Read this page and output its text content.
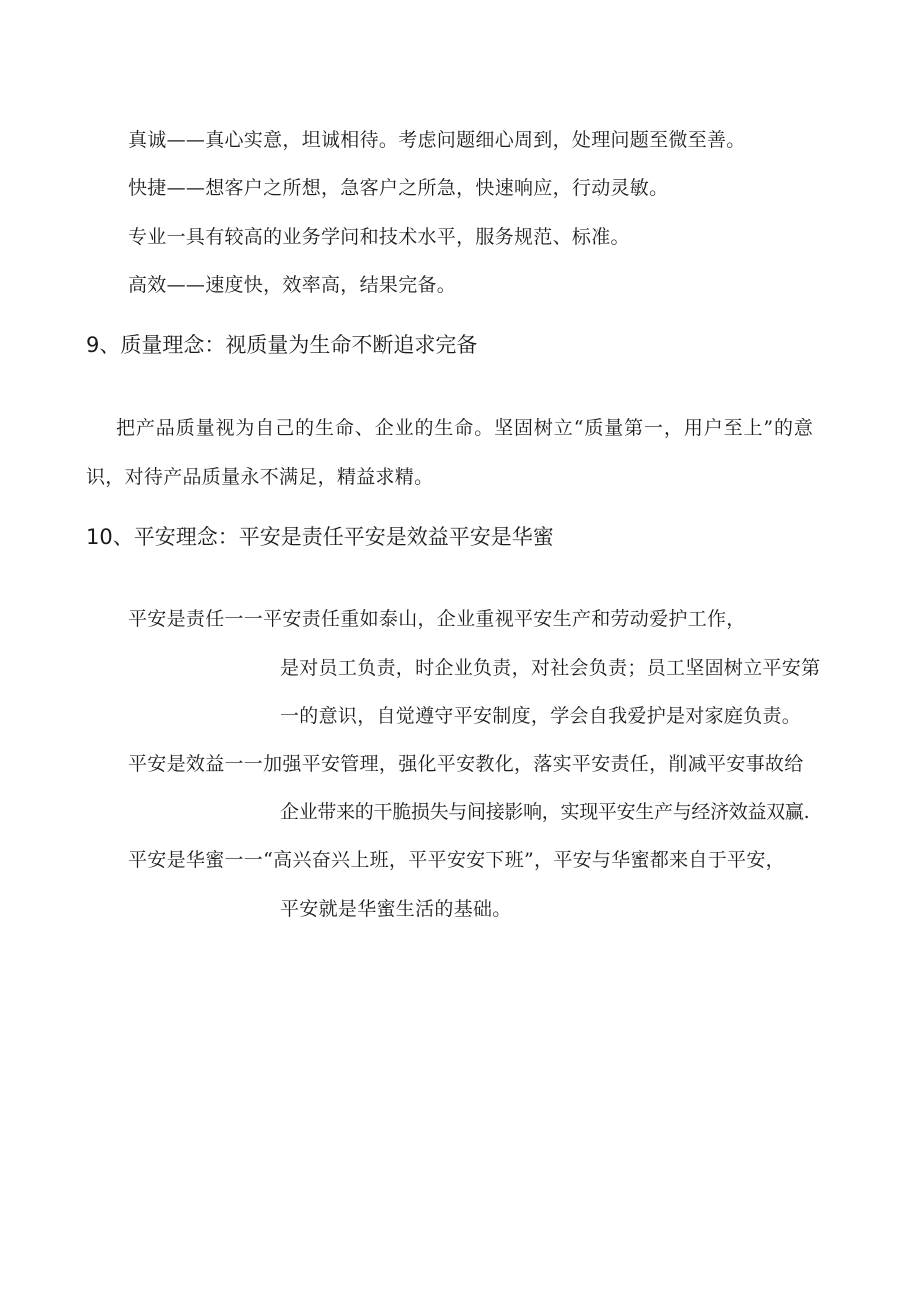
真诚——真心实意，坦诚相待。考虑问题细心周到，处理问题至微至善。
快捷——想客户之所想，急客户之所急，快速响应，行动灵敏。
专业一具有较高的业务学问和技术水平，服务规范、标准。
高效——速度快，效率高，结果完备。
9、质量理念：视质量为生命不断追求完备
把产品质量视为自己的生命、企业的生命。坚固树立“质量第一，用户至上”的意
识，对待产品质量永不满足，精益求精。
10、平安理念：平安是责任平安是效益平安是华蜜
平安是责任一一平安责任重如泰山，企业重视平安生产和劳动爱护工作，
是对员工负责，时企业负责，对社会负责；员工坚固树立平安第
一的意识，自觉遵守平安制度，学会自我爱护是对家庭负责。
平安是效益一一加强平安管理，强化平安教化，落实平安责任，削减平安事故给
企业带来的干脆损失与间接影响，实现平安生产与经济效益双赢.
平安是华蜜一一“高兴奋兴上班，平平安安下班”，平安与华蜜都来自于平安，
平安就是华蜜生活的基础。
